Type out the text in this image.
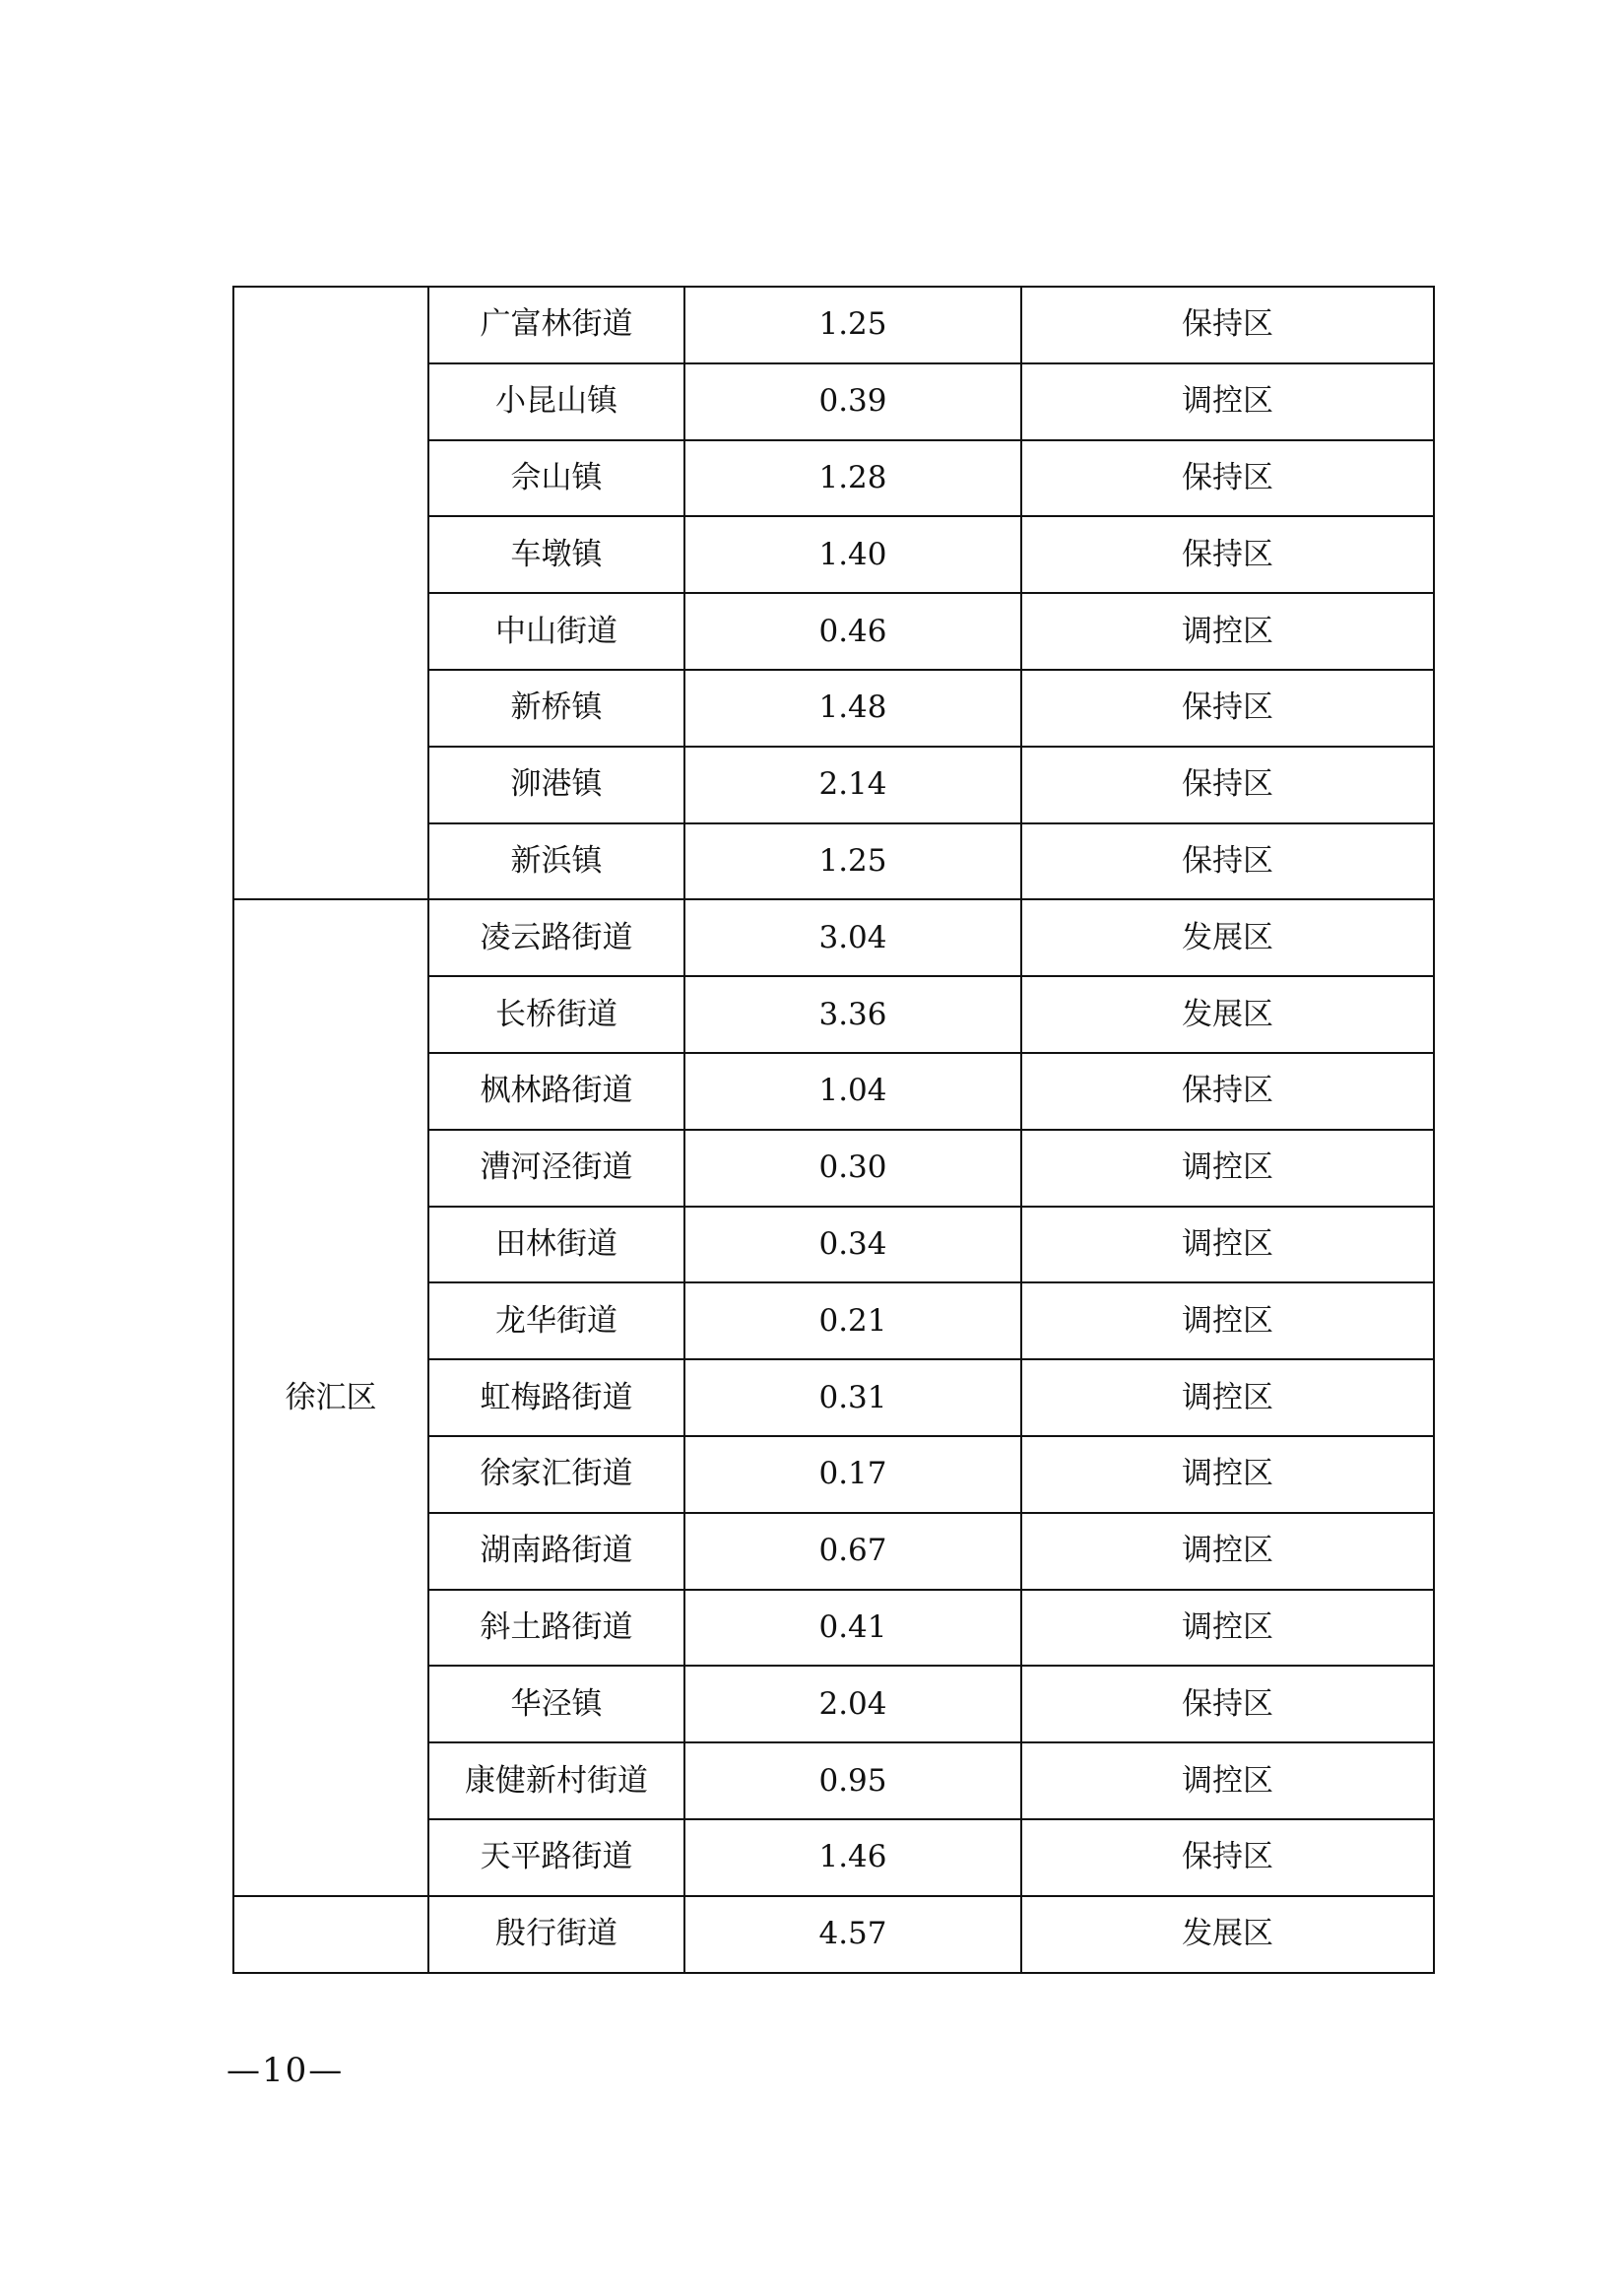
	广富林街道	1.25	保持区
	小昆山镇	0.39	调控区
	佘山镇	1.28	保持区
	车墩镇	1.40	保持区
	中山街道	0.46	调控区
	新桥镇	1.48	保持区
	泖港镇	2.14	保持区
	新浜镇	1.25	保持区
徐汇区	凌云路街道	3.04	发展区
	长桥街道	3.36	发展区
	枫林路街道	1.04	保持区
	漕河泾街道	0.30	调控区
	田林街道	0.34	调控区
	龙华街道	0.21	调控区
	虹梅路街道	0.31	调控区
	徐家汇街道	0.17	调控区
	湖南路街道	0.67	调控区
	斜土路街道	0.41	调控区
	华泾镇	2.04	保持区
	康健新村街道	0.95	调控区
	天平路街道	1.46	保持区
	殷行街道	4.57	发展区
—10—
